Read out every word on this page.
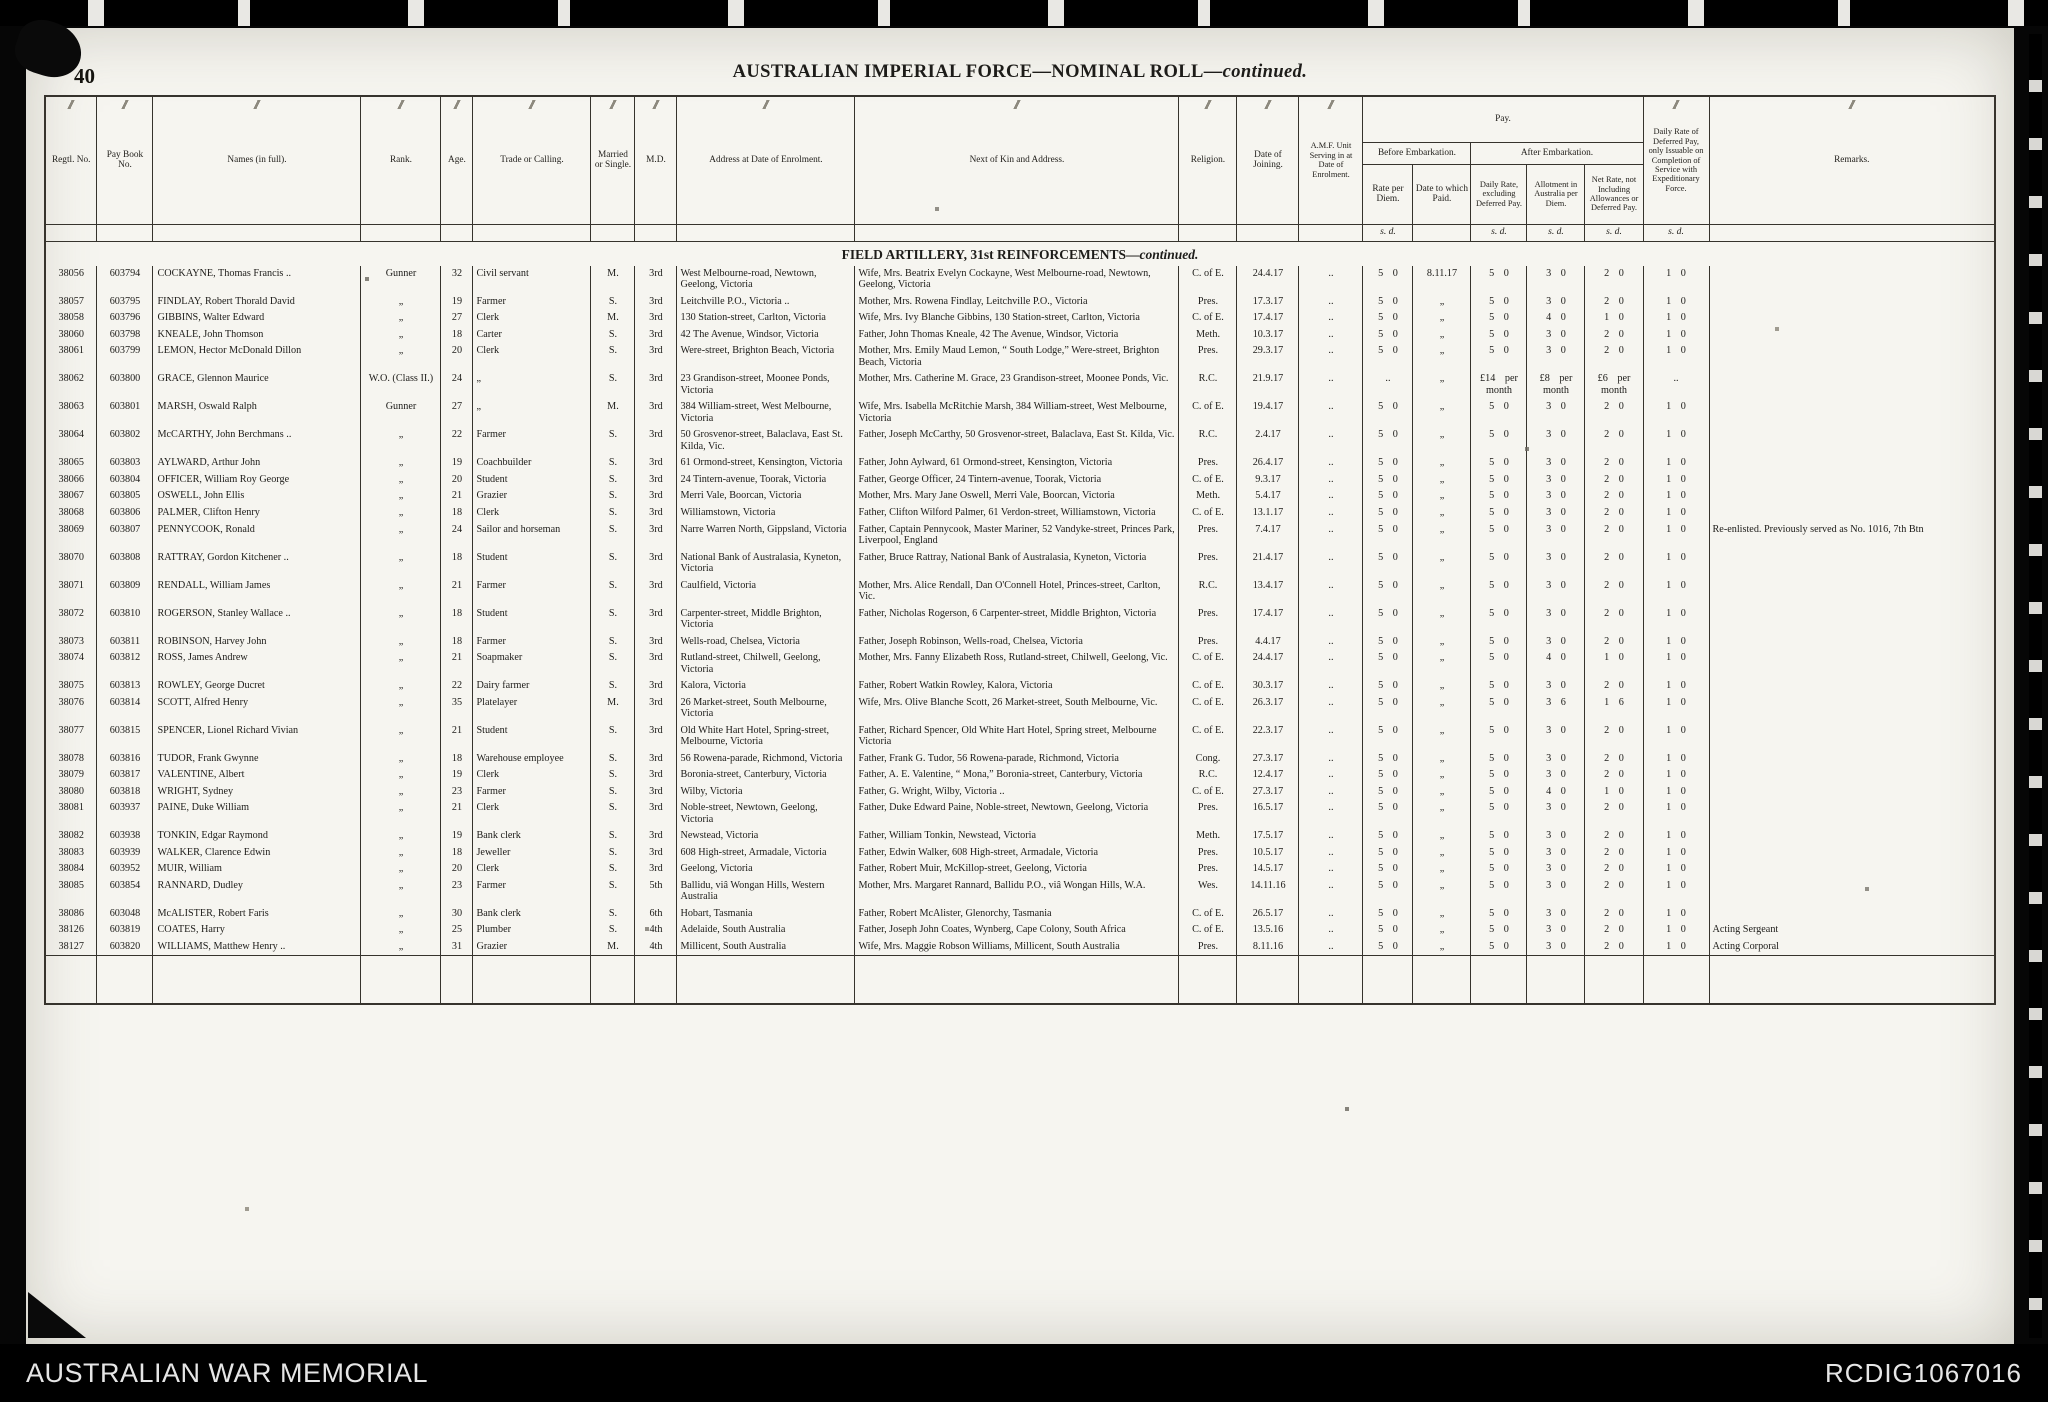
40	AUSTRALIAN IMPERIAL FORCE—NOMINAL ROLL—continued.
Regtl. No.	Pay Book No.	Names (in full).	Rank.	Age.	Trade or Calling.	Married or Single.	M.D.	Address at Date of Enrolment.	Next of Kin and Address.	Religion.	Date of Joining.	A.M.F. Unit Serving in at Date of Enrolment.	Pay.					Daily Rate of Deferred Pay, only Issuable on Completion of Service with Expeditionary Force.	Remarks.
													Before Embarkation.		After Embarkation.				
													Rate per Diem.	Date to which Paid.	Daily Rate, excluding Deferred Pay.	Allotment in Australia per Diem.	Net Rate, not Including Allowances or Deferred Pay.		
													s. d.		s. d.	s. d.	s. d.	s. d.	
FIELD ARTILLERY, 31st REINFORCEMENTS—continued.																			
38056	603794	COCKAYNE, Thomas Francis ..	Gunner	32	Civil servant	M.	3rd	West Melbourne-road, Newtown, Geelong, Victoria	Wife, Mrs. Beatrix Evelyn Cockayne, West Melbourne-road, Newtown, Geelong, Victoria	C. of E.	24.4.17	..	5 0	8.11.17	5 0	3 0	2 0	1 0	
38057	603795	FINDLAY, Robert Thorald David	„	19	Farmer	S.	3rd	Leitchville P.O., Victoria ..	Mother, Mrs. Rowena Findlay, Leitchville P.O., Victoria	Pres.	17.3.17	..	5 0	„	5 0	3 0	2 0	1 0	
38058	603796	GIBBINS, Walter Edward	„	27	Clerk	M.	3rd	130 Station-street, Carlton, Victoria	Wife, Mrs. Ivy Blanche Gibbins, 130 Station-street, Carlton, Victoria	C. of E.	17.4.17	..	5 0	„	5 0	4 0	1 0	1 0	
38060	603798	KNEALE, John Thomson	„	18	Carter	S.	3rd	42 The Avenue, Windsor, Victoria	Father, John Thomas Kneale, 42 The Avenue, Windsor, Victoria	Meth.	10.3.17	..	5 0	„	5 0	3 0	2 0	1 0	
38061	603799	LEMON, Hector McDonald Dillon	„	20	Clerk	S.	3rd	Were-street, Brighton Beach, Victoria	Mother, Mrs. Emily Maud Lemon, “ South Lodge,” Were-street, Brighton Beach, Victoria	Pres.	29.3.17	..	5 0	„	5 0	3 0	2 0	1 0	
38062	603800	GRACE, Glennon Maurice	W.O. (Class II.)	24	„	S.	3rd	23 Grandison-street, Moonee Ponds, Victoria	Mother, Mrs. Catherine M. Grace, 23 Grandison-street, Moonee Ponds, Vic.	R.C.	21.9.17	..	..	„	£14 per month	£8 per month	£6 per month	..	
38063	603801	MARSH, Oswald Ralph	Gunner	27	„	M.	3rd	384 William-street, West Melbourne, Victoria	Wife, Mrs. Isabella McRitchie Marsh, 384 William-street, West Melbourne, Victoria	C. of E.	19.4.17	..	5 0	„	5 0	3 0	2 0	1 0	
38064	603802	McCARTHY, John Berchmans ..	„	22	Farmer	S.	3rd	50 Grosvenor-street, Balaclava, East St. Kilda, Vic.	Father, Joseph McCarthy, 50 Grosvenor-street, Balaclava, East St. Kilda, Vic.	R.C.	2.4.17	..	5 0	„	5 0	3 0	2 0	1 0	
38065	603803	AYLWARD, Arthur John	„	19	Coachbuilder	S.	3rd	61 Ormond-street, Kensington, Victoria	Father, John Aylward, 61 Ormond-street, Kensington, Victoria	Pres.	26.4.17	..	5 0	„	5 0	3 0	2 0	1 0	
38066	603804	OFFICER, William Roy George	„	20	Student	S.	3rd	24 Tintern-avenue, Toorak, Victoria	Father, George Officer, 24 Tintern-avenue, Toorak, Victoria	C. of E.	9.3.17	..	5 0	„	5 0	3 0	2 0	1 0	
38067	603805	OSWELL, John Ellis	„	21	Grazier	S.	3rd	Merri Vale, Boorcan, Victoria	Mother, Mrs. Mary Jane Oswell, Merri Vale, Boorcan, Victoria	Meth.	5.4.17	..	5 0	„	5 0	3 0	2 0	1 0	
38068	603806	PALMER, Clifton Henry	„	18	Clerk	S.	3rd	Williamstown, Victoria	Father, Clifton Wilford Palmer, 61 Verdon-street, Williamstown, Victoria	C. of E.	13.1.17	..	5 0	„	5 0	3 0	2 0	1 0	
38069	603807	PENNYCOOK, Ronald	„	24	Sailor and horseman	S.	3rd	Narre Warren North, Gippsland, Victoria	Father, Captain Pennycook, Master Mariner, 52 Vandyke-street, Princes Park, Liverpool, England	Pres.	7.4.17	..	5 0	„	5 0	3 0	2 0	1 0	Re-enlisted. Previously served as No. 1016, 7th Btn
38070	603808	RATTRAY, Gordon Kitchener ..	„	18	Student	S.	3rd	National Bank of Australasia, Kyneton, Victoria	Father, Bruce Rattray, National Bank of Australasia, Kyneton, Victoria	Pres.	21.4.17	..	5 0	„	5 0	3 0	2 0	1 0	
38071	603809	RENDALL, William James	„	21	Farmer	S.	3rd	Caulfield, Victoria	Mother, Mrs. Alice Rendall, Dan O'Connell Hotel, Princes-street, Carlton, Vic.	R.C.	13.4.17	..	5 0	„	5 0	3 0	2 0	1 0	
38072	603810	ROGERSON, Stanley Wallace ..	„	18	Student	S.	3rd	Carpenter-street, Middle Brighton, Victoria	Father, Nicholas Rogerson, 6 Carpenter-street, Middle Brighton, Victoria	Pres.	17.4.17	..	5 0	„	5 0	3 0	2 0	1 0	
38073	603811	ROBINSON, Harvey John	„	18	Farmer	S.	3rd	Wells-road, Chelsea, Victoria	Father, Joseph Robinson, Wells-road, Chelsea, Victoria	Pres.	4.4.17	..	5 0	„	5 0	3 0	2 0	1 0	
38074	603812	ROSS, James Andrew	„	21	Soapmaker	S.	3rd	Rutland-street, Chilwell, Geelong, Victoria	Mother, Mrs. Fanny Elizabeth Ross, Rutland-street, Chilwell, Geelong, Vic.	C. of E.	24.4.17	..	5 0	„	5 0	4 0	1 0	1 0	
38075	603813	ROWLEY, George Ducret	„	22	Dairy farmer	S.	3rd	Kalora, Victoria	Father, Robert Watkin Rowley, Kalora, Victoria	C. of E.	30.3.17	..	5 0	„	5 0	3 0	2 0	1 0	
38076	603814	SCOTT, Alfred Henry	„	35	Platelayer	M.	3rd	26 Market-street, South Melbourne, Victoria	Wife, Mrs. Olive Blanche Scott, 26 Market-street, South Melbourne, Vic.	C. of E.	26.3.17	..	5 0	„	5 0	3 6	1 6	1 0	
38077	603815	SPENCER, Lionel Richard Vivian	„	21	Student	S.	3rd	Old White Hart Hotel, Spring-street, Melbourne, Victoria	Father, Richard Spencer, Old White Hart Hotel, Spring street, Melbourne Victoria	C. of E.	22.3.17	..	5 0	„	5 0	3 0	2 0	1 0	
38078	603816	TUDOR, Frank Gwynne	„	18	Warehouse employee	S.	3rd	56 Rowena-parade, Richmond, Victoria	Father, Frank G. Tudor, 56 Rowena-parade, Richmond, Victoria	Cong.	27.3.17	..	5 0	„	5 0	3 0	2 0	1 0	
38079	603817	VALENTINE, Albert	„	19	Clerk	S.	3rd	Boronia-street, Canterbury, Victoria	Father, A. E. Valentine, “ Mona,” Boronia-street, Canterbury, Victoria	R.C.	12.4.17	..	5 0	„	5 0	3 0	2 0	1 0	
38080	603818	WRIGHT, Sydney	„	23	Farmer	S.	3rd	Wilby, Victoria	Father, G. Wright, Wilby, Victoria ..	C. of E.	27.3.17	..	5 0	„	5 0	4 0	1 0	1 0	
38081	603937	PAINE, Duke William	„	21	Clerk	S.	3rd	Noble-street, Newtown, Geelong, Victoria	Father, Duke Edward Paine, Noble-street, Newtown, Geelong, Victoria	Pres.	16.5.17	..	5 0	„	5 0	3 0	2 0	1 0	
38082	603938	TONKIN, Edgar Raymond	„	19	Bank clerk	S.	3rd	Newstead, Victoria	Father, William Tonkin, Newstead, Victoria	Meth.	17.5.17	..	5 0	„	5 0	3 0	2 0	1 0	
38083	603939	WALKER, Clarence Edwin	„	18	Jeweller	S.	3rd	608 High-street, Armadale, Victoria	Father, Edwin Walker, 608 High-street, Armadale, Victoria	Pres.	10.5.17	..	5 0	„	5 0	3 0	2 0	1 0	
38084	603952	MUIR, William	„	20	Clerk	S.	3rd	Geelong, Victoria	Father, Robert Muir, McKillop-street, Geelong, Victoria	Pres.	14.5.17	..	5 0	„	5 0	3 0	2 0	1 0	
38085	603854	RANNARD, Dudley	„	23	Farmer	S.	5th	Ballidu, viâ Wongan Hills, Western Australia	Mother, Mrs. Margaret Rannard, Ballidu P.O., viâ Wongan Hills, W.A.	Wes.	14.11.16	..	5 0	„	5 0	3 0	2 0	1 0	
38086	603048	McALISTER, Robert Faris	„	30	Bank clerk	S.	6th	Hobart, Tasmania	Father, Robert McAlister, Glenorchy, Tasmania	C. of E.	26.5.17	..	5 0	„	5 0	3 0	2 0	1 0	
38126	603819	COATES, Harry	„	25	Plumber	S.	4th	Adelaide, South Australia	Father, Joseph John Coates, Wynberg, Cape Colony, South Africa	C. of E.	13.5.16	..	5 0	„	5 0	3 0	2 0	1 0	Acting Sergeant
38127	603820	WILLIAMS, Matthew Henry ..	„	31	Grazier	M.	4th	Millicent, South Australia	Wife, Mrs. Maggie Robson Williams, Millicent, South Australia	Pres.	8.11.16	..	5 0	„	5 0	3 0	2 0	1 0	Acting Corporal

AUSTRALIAN WAR MEMORIAL	RCDIG1067016
